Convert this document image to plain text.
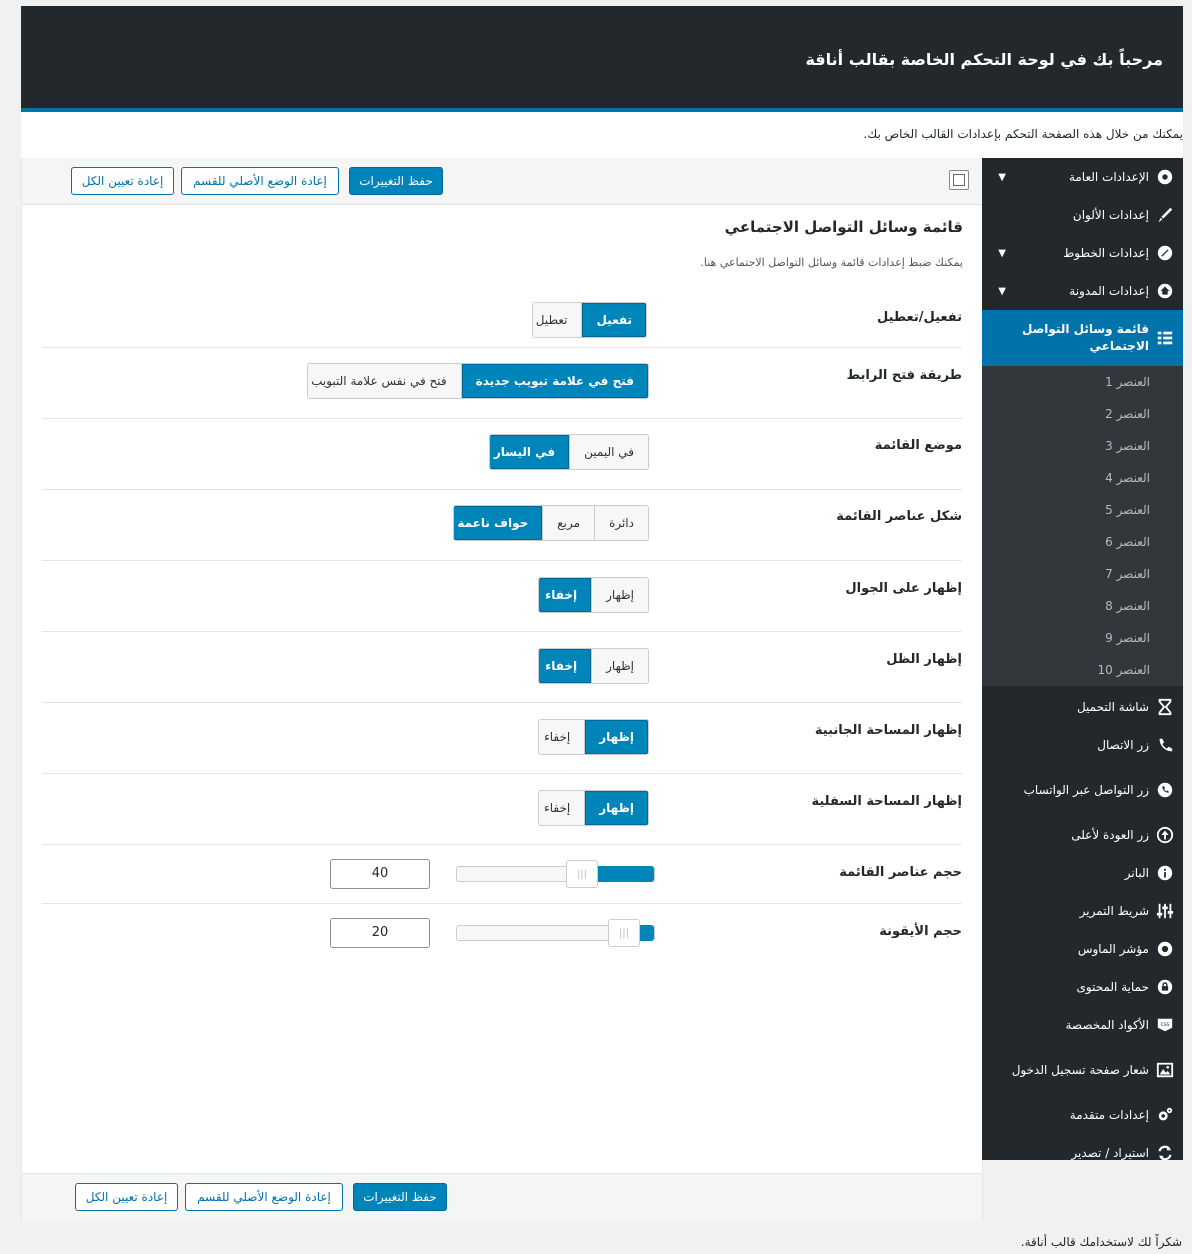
مرحباً بك في لوحة التحكم الخاصة بقالب أناقة
يمكنك من خلال هذه الصفحة التحكم بإعدادات القالب الخاص بك.
حفظ التغييرات
إعادة الوضع الأصلي للقسم
إعادة تعيين الكل
قائمة وسائل التواصل الاجتماعي
يمكنك ضبط إعدادات قائمة وسائل التواصل الاجتماعي هنا.
تفعيل/تعطيل
تفعيل
تعطيل
طريقة فتح الرابط
فتح في علامة تبويب جديدة
فتح في نفس علامة التبويب
موضع القائمة
في اليمين
في اليسار
شكل عناصر القائمة
دائرة
مربع
حواف ناعمة
إظهار على الجوال
إظهار
إخفاء
إظهار الظل
إظهار
إخفاء
إظهار المساحة الجانبية
إظهار
إخفاء
إظهار المساحة السفلية
إظهار
إخفاء
حجم عناصر القائمة
|||
40
حجم الأيقونة
|||
20
حفظ التغييرات
إعادة الوضع الأصلي للقسم
إعادة تعيين الكل
شكراً لك لاستخدامك قالب أناقة.
الإعدادات العامة
▼
إعدادات الألوان
إعدادات الخطوط
▼
إعدادات المدونة
▼
قائمة وسائل التواصل الاجتماعي
العنصر 1
العنصر 2
العنصر 3
العنصر 4
العنصر 5
العنصر 6
العنصر 7
العنصر 8
العنصر 9
العنصر 10
شاشة التحميل
زر الاتصال
زر التواصل عبر الواتساب
زر العودة لأعلى
البانر
شريط التمرير
مؤشر الماوس
حماية المحتوى
CSS
الأكواد المخصصة
شعار صفحة تسجيل الدخول
إعدادات متقدمة
استيراد / تصدير
